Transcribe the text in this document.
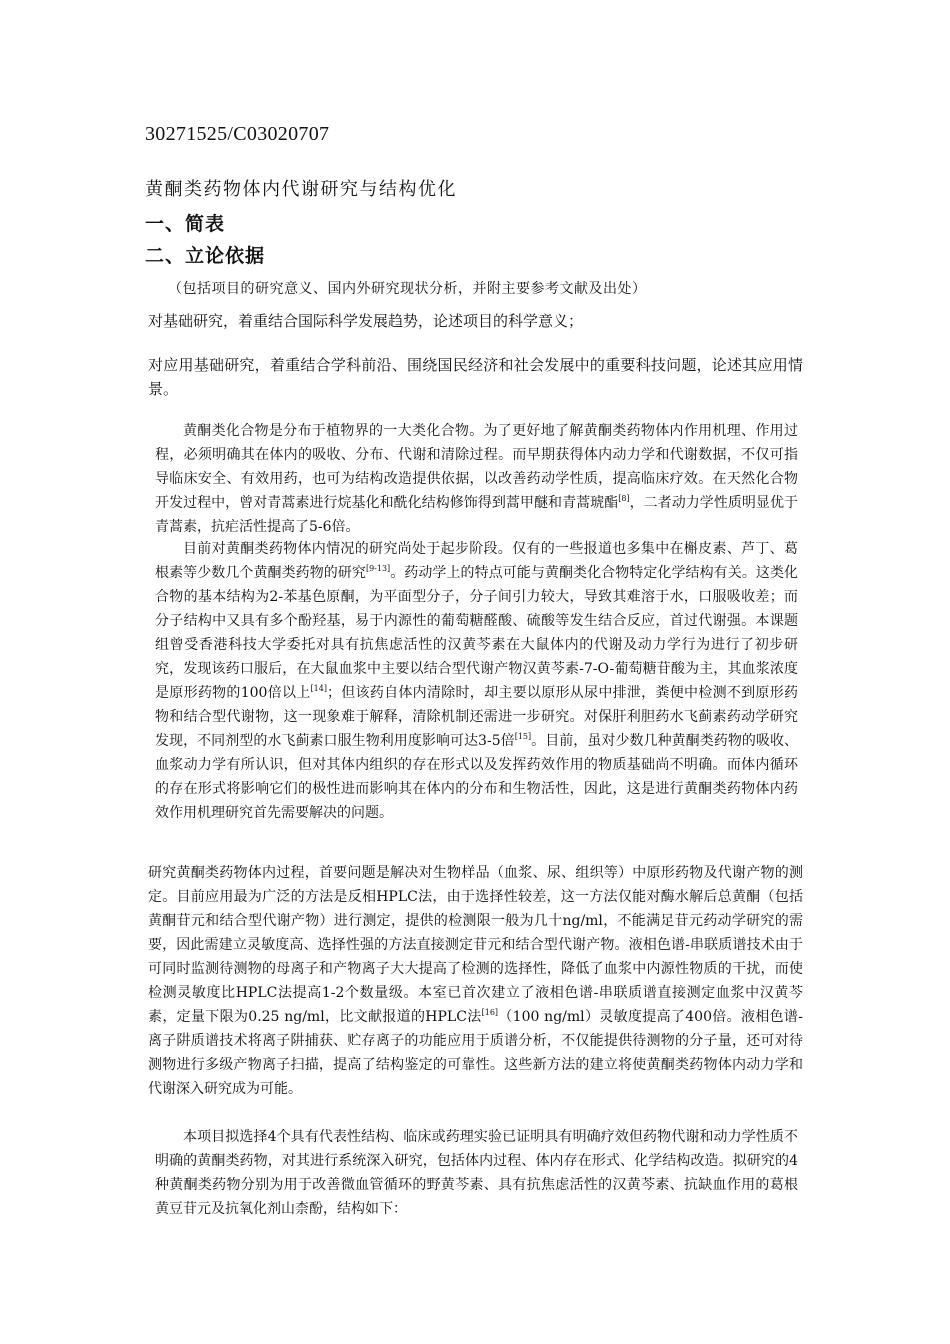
30271525/C03020707
黄酮类药物体内代谢研究与结构优化
一、简表
二、立论依据
（包括项目的研究意义、国内外研究现状分析，并附主要参考文献及出处）

对基础研究，着重结合国际科学发展趋势，论述项目的科学意义；

对应用基础研究，着重结合学科前沿、围绕国民经济和社会发展中的重要科技问题，论述其应用情景。

黄酮类化合物是分布于植物界的一大类化合物。为了更好地了解黄酮类药物体内作用机理、作用过程，必须明确其在体内的吸收、分布、代谢和清除过程。而早期获得体内动力学和代谢数据，不仅可指导临床安全、有效用药，也可为结构改造提供依据，以改善药动学性质，提高临床疗效。在天然化合物开发过程中，曾对青蒿素进行烷基化和酰化结构修饰得到蒿甲醚和青蒿琥酯[8]，二者动力学性质明显优于青蒿素，抗疟活性提高了5-6倍。

目前对黄酮类药物体内情况的研究尚处于起步阶段。仅有的一些报道也多集中在槲皮素、芦丁、葛根素等少数几个黄酮类药物的研究[9-13]。药动学上的特点可能与黄酮类化合物特定化学结构有关。这类化合物的基本结构为2-苯基色原酮，为平面型分子，分子间引力较大，导致其难溶于水，口服吸收差；而分子结构中又具有多个酚羟基，易于内源性的葡萄糖醛酸、硫酸等发生结合反应，首过代谢强。本课题组曾受香港科技大学委托对具有抗焦虑活性的汉黄芩素在大鼠体内的代谢及动力学行为进行了初步研究，发现该药口服后，在大鼠血浆中主要以结合型代谢产物汉黄芩素-7-O-葡萄糖苷酸为主，其血浆浓度是原形药物的100倍以上[14]；但该药自体内清除时，却主要以原形从尿中排泄，粪便中检测不到原形药物和结合型代谢物，这一现象难于解释，清除机制还需进一步研究。对保肝利胆药水飞蓟素药动学研究发现，不同剂型的水飞蓟素口服生物利用度影响可达3-5倍[15]。目前，虽对少数几种黄酮类药物的吸收、血浆动力学有所认识，但对其体内组织的存在形式以及发挥药效作用的物质基础尚不明确。而体内循环的存在形式将影响它们的极性进而影响其在体内的分布和生物活性，因此，这是进行黄酮类药物体内药效作用机理研究首先需要解决的问题。

研究黄酮类药物体内过程，首要问题是解决对生物样品（血浆、尿、组织等）中原形药物及代谢产物的测定。目前应用最为广泛的方法是反相HPLC法，由于选择性较差，这一方法仅能对酶水解后总黄酮（包括黄酮苷元和结合型代谢产物）进行测定，提供的检测限一般为几十ng/ml，不能满足苷元药动学研究的需要，因此需建立灵敏度高、选择性强的方法直接测定苷元和结合型代谢产物。液相色谱-串联质谱技术由于可同时监测待测物的母离子和产物离子大大提高了检测的选择性，降低了血浆中内源性物质的干扰，而使检测灵敏度比HPLC法提高1-2个数量级。本室已首次建立了液相色谱-串联质谱直接测定血浆中汉黄芩素，定量下限为0.25 ng/ml，比文献报道的HPLC法[16]（100 ng/ml）灵敏度提高了400倍。液相色谱-离子阱质谱技术将离子阱捕获、贮存离子的功能应用于质谱分析，不仅能提供待测物的分子量，还可对待测物进行多级产物离子扫描，提高了结构鉴定的可靠性。这些新方法的建立将使黄酮类药物体内动力学和代谢深入研究成为可能。

本项目拟选择4个具有代表性结构、临床或药理实验已证明具有明确疗效但药物代谢和动力学性质不明确的黄酮类药物，对其进行系统深入研究，包括体内过程、体内存在形式、化学结构改造。拟研究的4种黄酮类药物分别为用于改善微血管循环的野黄芩素、具有抗焦虑活性的汉黄芩素、抗缺血作用的葛根黄豆苷元及抗氧化剂山柰酚，结构如下：
